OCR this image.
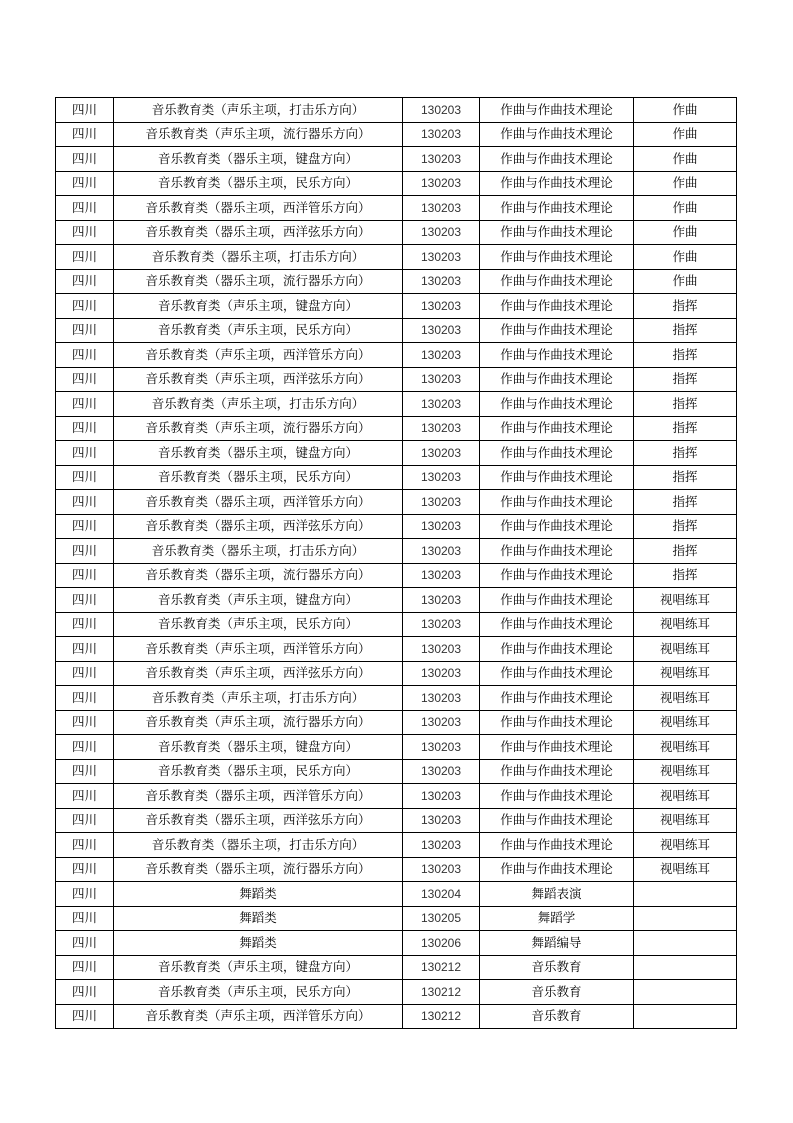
四川	音乐教育类（声乐主项，打击乐方向）	130203	作曲与作曲技术理论	作曲
四川	音乐教育类（声乐主项，流行器乐方向）	130203	作曲与作曲技术理论	作曲
四川	音乐教育类（器乐主项，键盘方向）	130203	作曲与作曲技术理论	作曲
四川	音乐教育类（器乐主项，民乐方向）	130203	作曲与作曲技术理论	作曲
四川	音乐教育类（器乐主项，西洋管乐方向）	130203	作曲与作曲技术理论	作曲
四川	音乐教育类（器乐主项，西洋弦乐方向）	130203	作曲与作曲技术理论	作曲
四川	音乐教育类（器乐主项，打击乐方向）	130203	作曲与作曲技术理论	作曲
四川	音乐教育类（器乐主项，流行器乐方向）	130203	作曲与作曲技术理论	作曲
四川	音乐教育类（声乐主项，键盘方向）	130203	作曲与作曲技术理论	指挥
四川	音乐教育类（声乐主项，民乐方向）	130203	作曲与作曲技术理论	指挥
四川	音乐教育类（声乐主项，西洋管乐方向）	130203	作曲与作曲技术理论	指挥
四川	音乐教育类（声乐主项，西洋弦乐方向）	130203	作曲与作曲技术理论	指挥
四川	音乐教育类（声乐主项，打击乐方向）	130203	作曲与作曲技术理论	指挥
四川	音乐教育类（声乐主项，流行器乐方向）	130203	作曲与作曲技术理论	指挥
四川	音乐教育类（器乐主项，键盘方向）	130203	作曲与作曲技术理论	指挥
四川	音乐教育类（器乐主项，民乐方向）	130203	作曲与作曲技术理论	指挥
四川	音乐教育类（器乐主项，西洋管乐方向）	130203	作曲与作曲技术理论	指挥
四川	音乐教育类（器乐主项，西洋弦乐方向）	130203	作曲与作曲技术理论	指挥
四川	音乐教育类（器乐主项，打击乐方向）	130203	作曲与作曲技术理论	指挥
四川	音乐教育类（器乐主项，流行器乐方向）	130203	作曲与作曲技术理论	指挥
四川	音乐教育类（声乐主项，键盘方向）	130203	作曲与作曲技术理论	视唱练耳
四川	音乐教育类（声乐主项，民乐方向）	130203	作曲与作曲技术理论	视唱练耳
四川	音乐教育类（声乐主项，西洋管乐方向）	130203	作曲与作曲技术理论	视唱练耳
四川	音乐教育类（声乐主项，西洋弦乐方向）	130203	作曲与作曲技术理论	视唱练耳
四川	音乐教育类（声乐主项，打击乐方向）	130203	作曲与作曲技术理论	视唱练耳
四川	音乐教育类（声乐主项，流行器乐方向）	130203	作曲与作曲技术理论	视唱练耳
四川	音乐教育类（器乐主项，键盘方向）	130203	作曲与作曲技术理论	视唱练耳
四川	音乐教育类（器乐主项，民乐方向）	130203	作曲与作曲技术理论	视唱练耳
四川	音乐教育类（器乐主项，西洋管乐方向）	130203	作曲与作曲技术理论	视唱练耳
四川	音乐教育类（器乐主项，西洋弦乐方向）	130203	作曲与作曲技术理论	视唱练耳
四川	音乐教育类（器乐主项，打击乐方向）	130203	作曲与作曲技术理论	视唱练耳
四川	音乐教育类（器乐主项，流行器乐方向）	130203	作曲与作曲技术理论	视唱练耳
四川	舞蹈类	130204	舞蹈表演	
四川	舞蹈类	130205	舞蹈学	
四川	舞蹈类	130206	舞蹈编导	
四川	音乐教育类（声乐主项，键盘方向）	130212	音乐教育	
四川	音乐教育类（声乐主项，民乐方向）	130212	音乐教育	
四川	音乐教育类（声乐主项，西洋管乐方向）	130212	音乐教育	
